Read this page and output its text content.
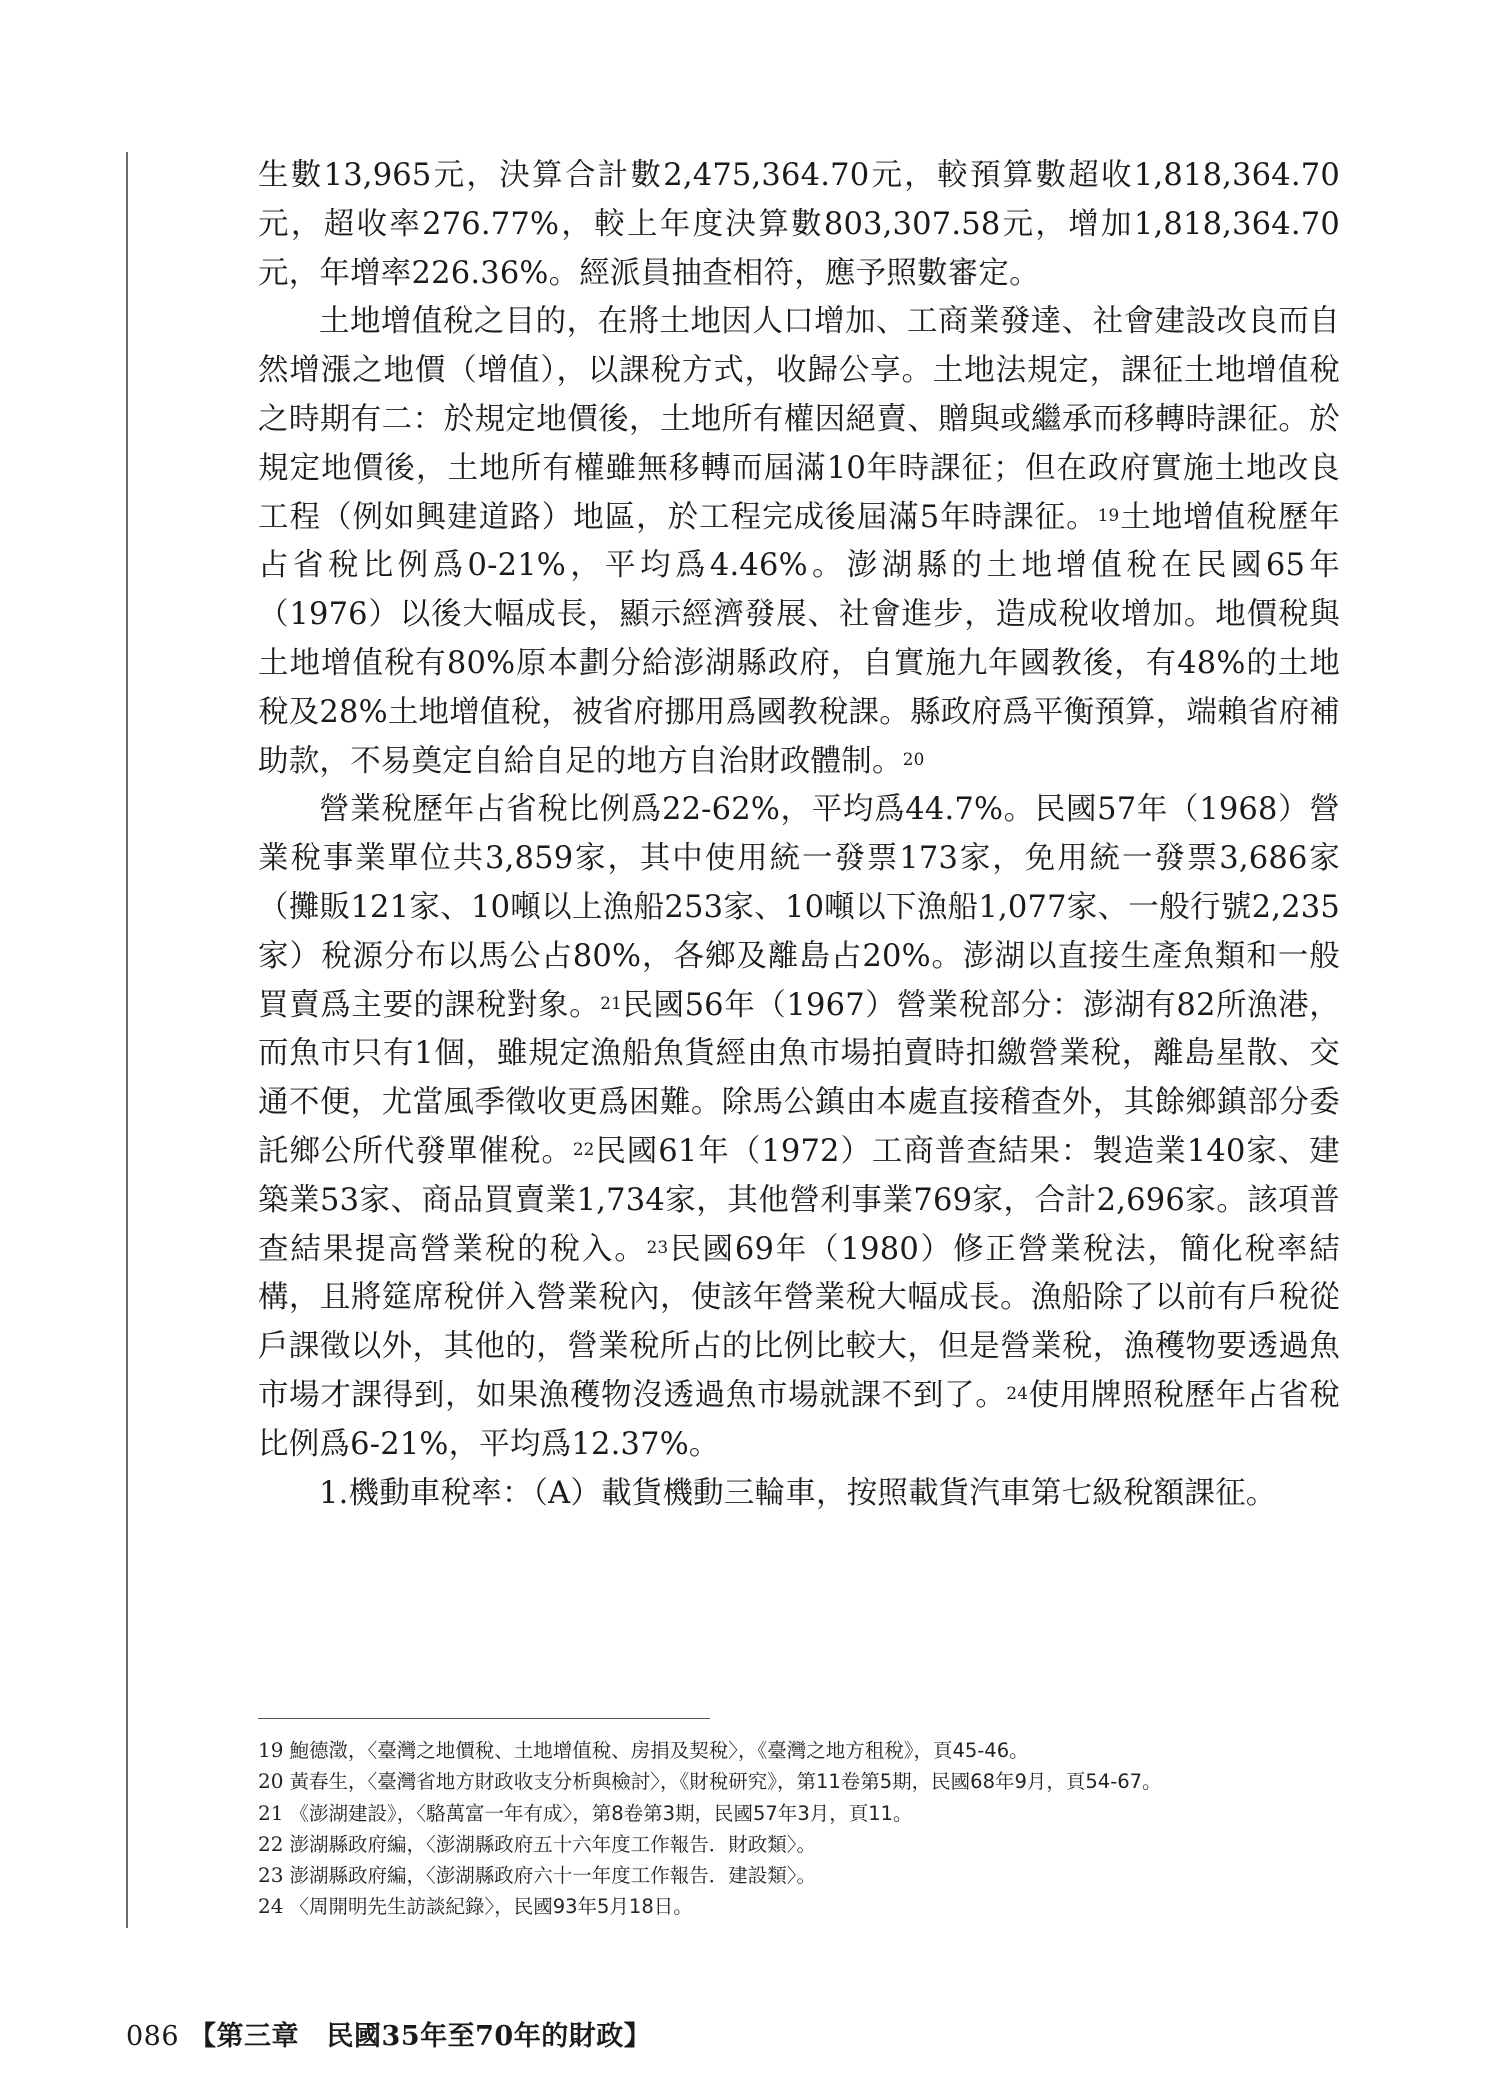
生數13,965元，決算合計數2,475,364.70元，較預算數超收1,818,364.70元，超收率276.77%，較上年度決算數803,307.58元，增加1,818,364.70元，年增率226.36%。經派員抽查相符，應予照數審定。

土地增值稅之目的，在將土地因人口增加、工商業發達、社會建設改良而自然增漲之地價（增值），以課稅方式，收歸公享。土地法規定，課征土地增值稅之時期有二：於規定地價後，土地所有權因絕賣、贈與或繼承而移轉時課征。於規定地價後，土地所有權雖無移轉而屆滿10年時課征；但在政府實施土地改良工程（例如興建道路）地區，於工程完成後屆滿5年時課征。$^{19}$土地增值稅歷年占省稅比例爲0-21%，平均爲4.46%。澎湖縣的土地增值稅在民國65年（1976）以後大幅成長，顯示經濟發展、社會進步，造成稅收增加。地價稅與土地增值稅有80%原本劃分給澎湖縣政府，自實施九年國教後，有48%的土地稅及28%土地增值稅，被省府挪用爲國教稅課。縣政府爲平衡預算，端賴省府補助款，不易奠定自給自足的地方自治財政體制。$^{20}$

營業稅歷年占省稅比例爲22-62%，平均爲44.7%。民國57年（1968）營業稅事業單位共3,859家，其中使用統一發票173家，免用統一發票3,686家（攤販121家、10噸以上漁船253家、10噸以下漁船1,077家、一般行號2,235家）稅源分布以馬公占80%，各鄉及離島占20%。澎湖以直接生產魚類和一般買賣爲主要的課稅對象。$^{21}$民國56年（1967）營業稅部分：澎湖有82所漁港，而魚市只有1個，雖規定漁船魚貨經由魚市場拍賣時扣繳營業稅，離島星散、交通不便，尤當風季徵收更爲困難。除馬公鎮由本處直接稽查外，其餘鄉鎮部分委託鄉公所代發單催稅。$^{22}$民國61年（1972）工商普查結果：製造業140家、建築業53家、商品買賣業1,734家，其他營利事業769家，合計2,696家。該項普查結果提高營業稅的稅入。$^{23}$民國69年（1980）修正營業稅法，簡化稅率結構，且將筵席稅併入營業稅內，使該年營業稅大幅成長。漁船除了以前有戶稅從戶課徵以外，其他的，營業稅所占的比例比較大，但是營業稅，漁穫物要透過魚市場才課得到，如果漁穫物沒透過魚市場就課不到了。$^{24}$使用牌照稅歷年占省稅比例爲6-21%，平均爲12.37%。

1.機動車稅率：（A）載貨機動三輪車，按照載貨汽車第七級稅額課征。

19 鮑德澂，〈臺灣之地價稅、土地增值稅、房捐及契稅〉，《臺灣之地方租稅》，頁45-46。
20 黃春生，〈臺灣省地方財政收支分析與檢討〉，《財稅研究》，第11卷第5期，民國68年9月，頁54-67。
21 《澎湖建設》，〈駱萬富一年有成〉，第8卷第3期，民國57年3月，頁11。
22 澎湖縣政府編，〈澎湖縣政府五十六年度工作報告．財政類〉。
23 澎湖縣政府編，〈澎湖縣政府六十一年度工作報告．建設類〉。
24 〈周開明先生訪談紀錄〉，民國93年5月18日。
086 【第三章　民國35年至70年的財政】
